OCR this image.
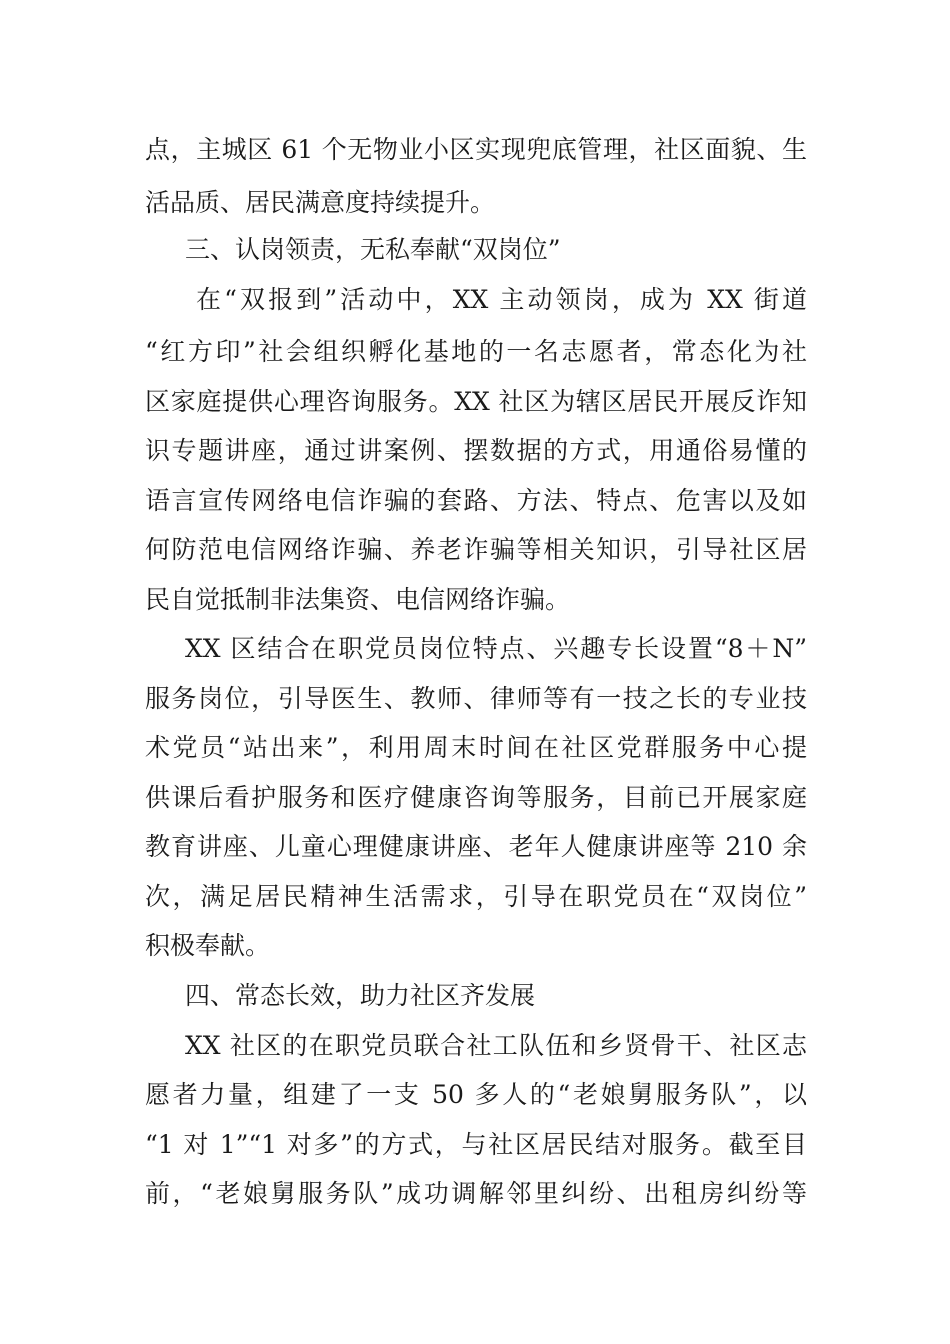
点，主城区 61 个无物业小区实现兜底管理，社区面貌、生
活品质、居民满意度持续提升。
三、认岗领责，无私奉献“双岗位”
在“双报到”活动中，XX 主动领岗，成为 XX 街道
“红方印”社会组织孵化基地的一名志愿者，常态化为社
区家庭提供心理咨询服务。XX 社区为辖区居民开展反诈知
识专题讲座，通过讲案例、摆数据的方式，用通俗易懂的
语言宣传网络电信诈骗的套路、方法、特点、危害以及如
何防范电信网络诈骗、养老诈骗等相关知识，引导社区居
民自觉抵制非法集资、电信网络诈骗。
XX 区结合在职党员岗位特点、兴趣专长设置“8＋N”
服务岗位，引导医生、教师、律师等有一技之长的专业技
术党员“站出来”，利用周末时间在社区党群服务中心提
供课后看护服务和医疗健康咨询等服务，目前已开展家庭
教育讲座、儿童心理健康讲座、老年人健康讲座等 210 余
次，满足居民精神生活需求，引导在职党员在“双岗位”
积极奉献。
四、常态长效，助力社区齐发展
XX 社区的在职党员联合社工队伍和乡贤骨干、社区志
愿者力量，组建了一支 50 多人的“老娘舅服务队”，以
“1 对 1”“1 对多”的方式，与社区居民结对服务。截至目
前，“老娘舅服务队”成功调解邻里纠纷、出租房纠纷等
